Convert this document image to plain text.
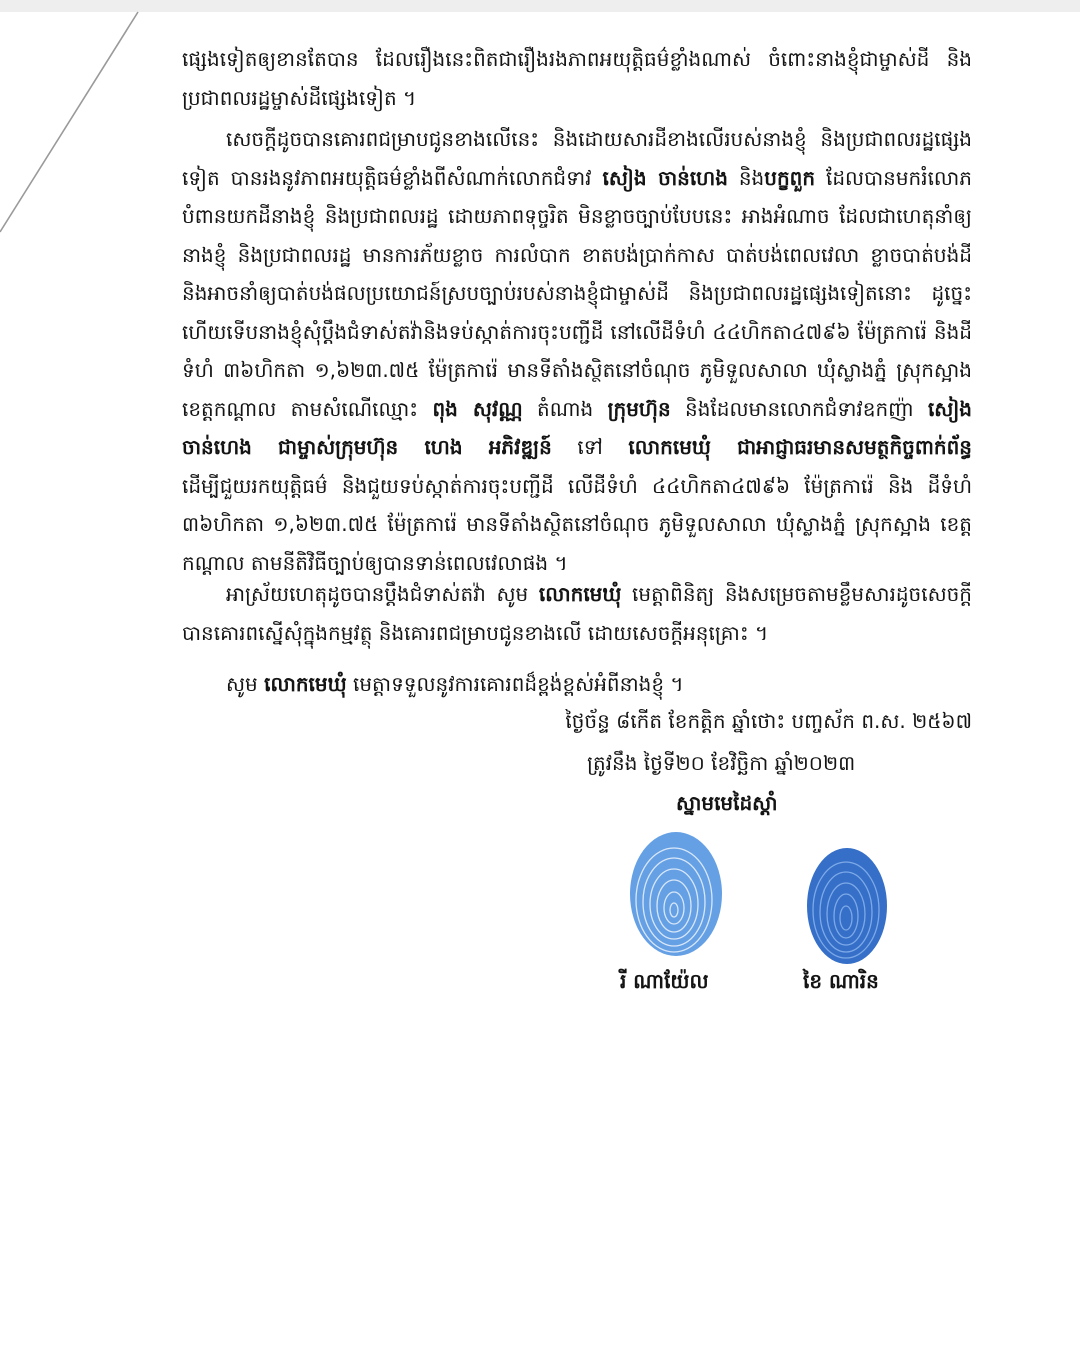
ផ្សេងទៀតឲ្យខានតែបាន ដែលរឿងនេះពិតជារឿងរងភាពអយុត្តិធម៌ខ្លាំងណាស់ ចំពោះនាងខ្ញុំជាម្ចាស់ដី និងប្រជាពលរដ្ឋម្ចាស់ដីផ្សេងទៀត ។

សេចក្ដីដូចបានគោរពជម្រាបជូនខាងលើនេះ និងដោយសារដីខាងលើរបស់នាងខ្ញុំ និងប្រជាពលរដ្ឋផ្សេងទៀត បានរងនូវភាពអយុត្តិធម៌ខ្លាំងពីសំណាក់លោកជំទាវ សៀង ចាន់ហេង និងបក្ខពួក ដែលបានមករំលោភបំពានយកដីនាងខ្ញុំ និងប្រជាពលរដ្ឋ ដោយភាពទុច្ចរិត មិនខ្លាចច្បាប់បែបនេះ អាងអំណាច ដែលជាហេតុនាំឲ្យនាងខ្ញុំ និងប្រជាពលរដ្ឋ មានការភ័យខ្លាច ការលំបាក ខាតបង់ប្រាក់កាស បាត់បង់ពេលវេលា ខ្លាចបាត់បង់ដី និងអាចនាំឲ្យបាត់បង់ផលប្រយោជន៍ស្របច្បាប់របស់នាងខ្ញុំជាម្ចាស់ដី និងប្រជាពលរដ្ឋផ្សេងទៀតនោះ ដូច្នេះហើយទើបនាងខ្ញុំសុំប្ដឹងជំទាស់តវ៉ានិងទប់ស្កាត់ការចុះបញ្ជីដី នៅលើដីទំហំ ៤៤ហិកតា៤៧៩៦ ម៉ែត្រការ៉េ និងដីទំហំ ៣៦ហិកតា ១,៦២៣.៧៥ ម៉ែត្រការ៉េ មានទីតាំងស្ថិតនៅចំណុច ភូមិទួលសាលា ឃុំស្លាងភ្នំ ស្រុកស្អាង ខេត្តកណ្ដាល តាមសំណើឈ្មោះ ពុង សុវណ្ណ តំណាង ក្រុមហ៊ុន និងដែលមានលោកជំទាវឧកញ៉ា សៀង ចាន់ហេង ជាម្ចាស់ក្រុមហ៊ុន ហេង អភិវឌ្ឍន៍ ទៅ លោកមេឃុំ ជាអាជ្ញាធរមានសមត្ថកិច្ចពាក់ព័ន្ធ ដើម្បីជួយរកយុត្តិធម៌ និងជួយទប់ស្កាត់ការចុះបញ្ជីដី លើដីទំហំ ៤៤ហិកតា៤៧៩៦ ម៉ែត្រការ៉េ និង ដីទំហំ ៣៦ហិកតា ១,៦២៣.៧៥ ម៉ែត្រការ៉េ មានទីតាំងស្ថិតនៅចំណុច ភូមិទួលសាលា ឃុំស្លាងភ្នំ ស្រុកស្អាង ខេត្តកណ្ដាល តាមនីតិវិធីច្បាប់ឲ្យបានទាន់ពេលវេលាផង ។

អាស្រ័យហេតុដូចបានប្ដឹងជំទាស់តវ៉ា សូម លោកមេឃុំ មេត្តាពិនិត្យ និងសម្រេចតាមខ្លឹមសារដូចសេចក្ដីបានគោរពស្នើសុំក្នុងកម្មវត្ថុ និងគោរពជម្រាបជូនខាងលើ ដោយសេចក្ដីអនុគ្រោះ ។

សូម លោកមេឃុំ មេត្តាទទួលនូវការគោរពដ៏ខ្ពង់ខ្ពស់អំពីនាងខ្ញុំ ។

ថ្ងៃច័ន្ទ ៨កើត ខែកត្ដិក ឆ្នាំថោះ បញ្ចស័ក ព.ស. ២៥៦៧
ត្រូវនឹង ថ្ងៃទី២០ ខែវិច្ឆិកា ឆ្នាំ២០២៣
ស្នាមមេដៃស្ដាំ
រី ណាយ៉ែល	ខៃ ណារិន
